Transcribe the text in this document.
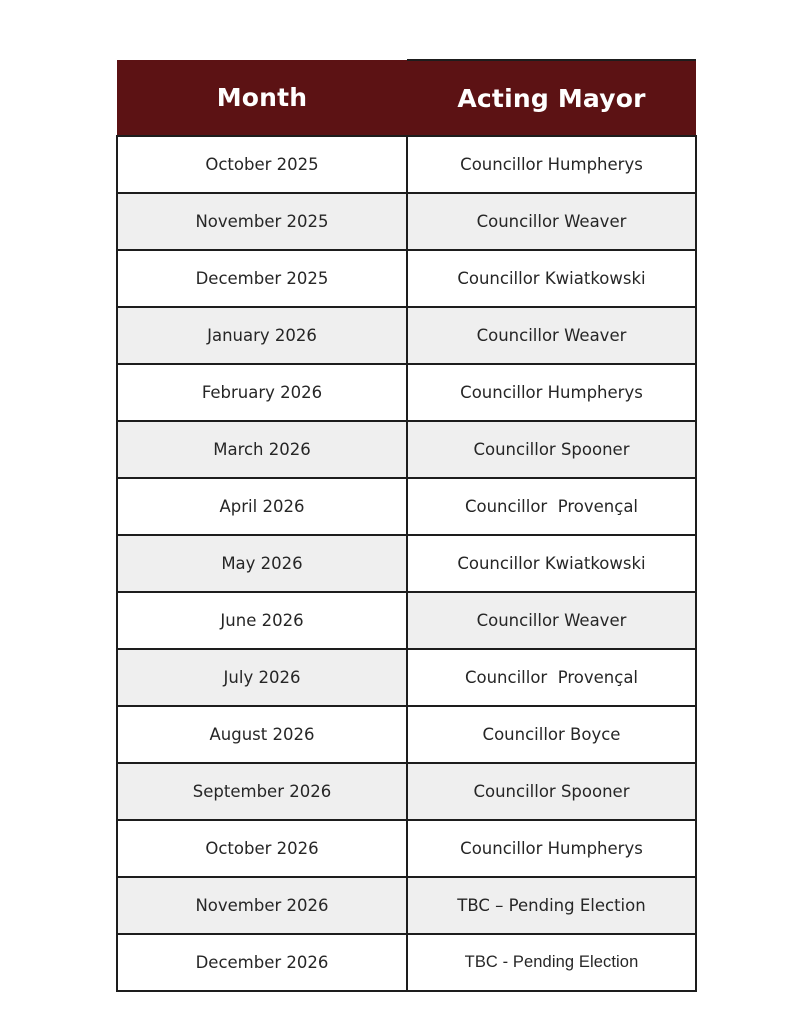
Month	Acting Mayor
October 2025	Councillor Humpherys
November 2025	Councillor Weaver
December 2025	Councillor Kwiatkowski
January 2026	Councillor Weaver
February 2026	Councillor Humpherys
March 2026	Councillor Spooner
April 2026	Councillor  Provençal
May 2026	Councillor Kwiatkowski
June 2026	Councillor Weaver
July 2026	Councillor  Provençal
August 2026	Councillor Boyce
September 2026	Councillor Spooner
October 2026	Councillor Humpherys
November 2026	TBC – Pending Election
December 2026	TBC - Pending Election
